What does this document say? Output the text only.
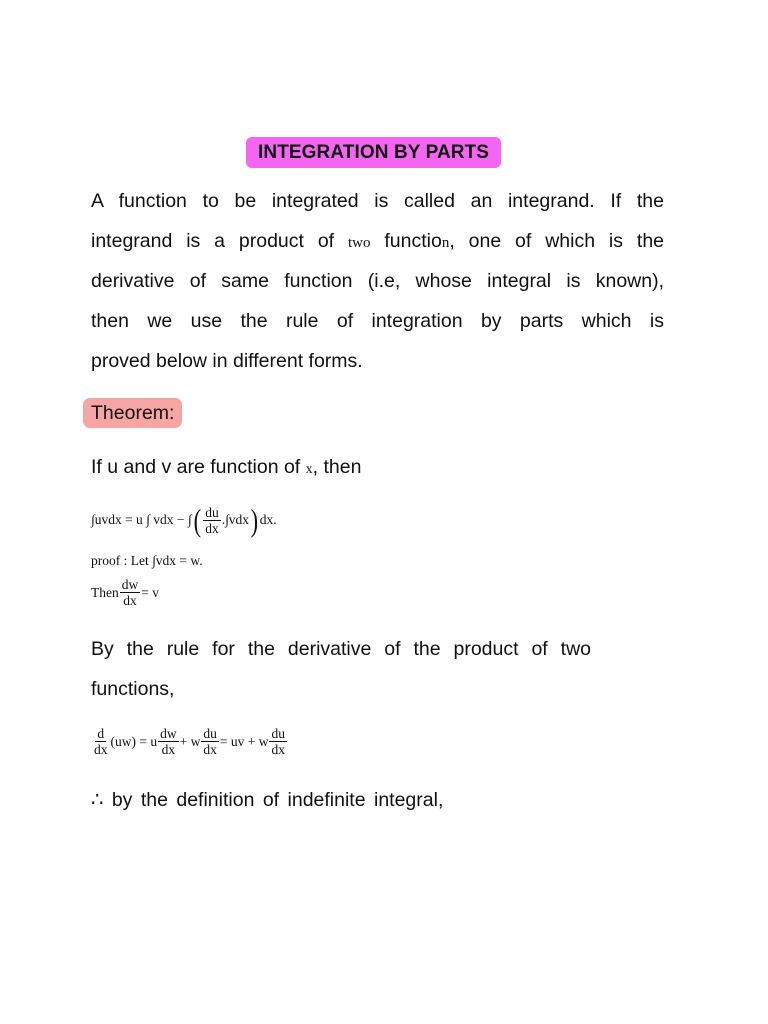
INTEGRATION BY PARTS
A function to be integrated is called an integrand. If the
integrand is a product of two function, one of which is the
derivative of same function (i.e, whose integral is known),
then we use the rule of integration by parts which is
proved below in different forms.
Theorem:
If u and v are function of x, then
∫uvdx = u ∫ vdx − ∫ ( $\frac{du}{dx} .\int vdx$ ) dx.
proof : Let ∫vdx = w.
Then $\frac{dw}{dx} = v$
By the rule for the derivative of the product of two
functions,
$\frac{d}{dx} (uw) = u \frac{dw}{dx} + w \frac{du}{dx}$ = uv + w $\frac{du}{dx}$
∴ by the definition of indefinite integral,
